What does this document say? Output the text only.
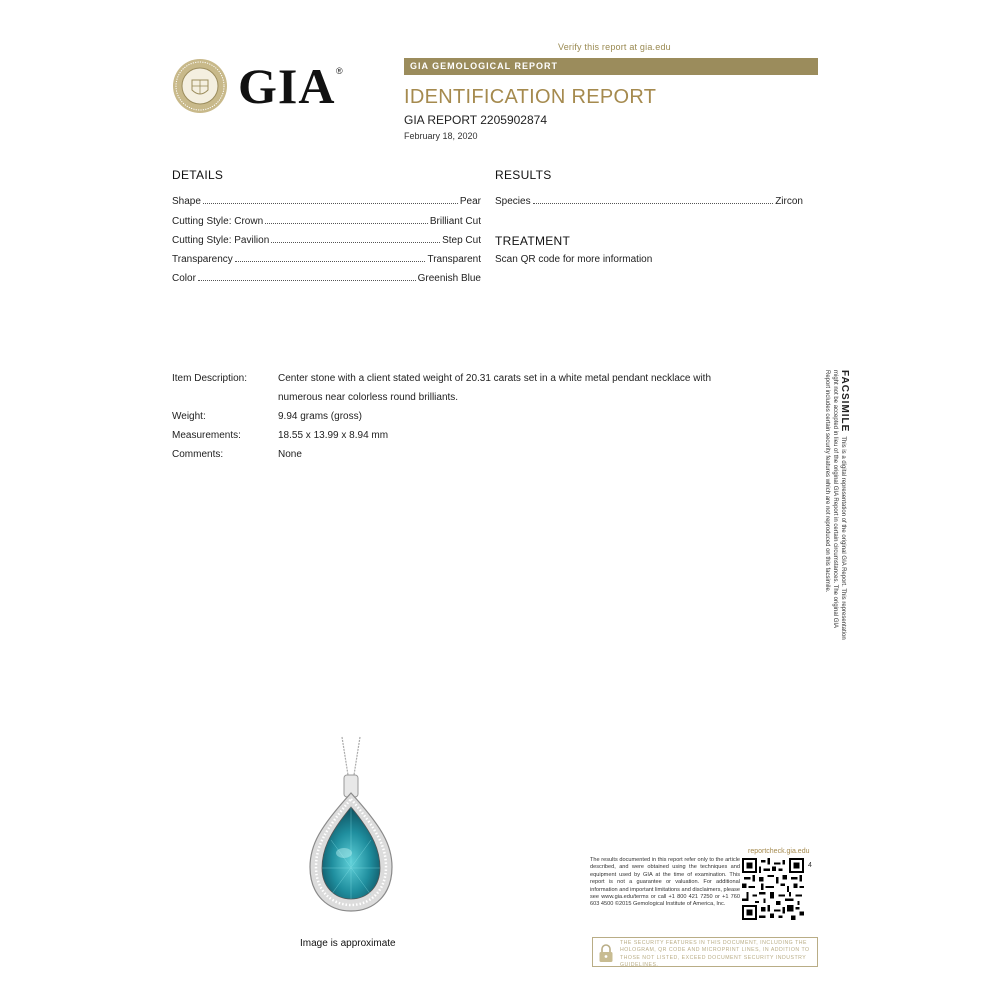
Verify this report at gia.edu
GIA ®	GIA GEMOLOGICAL REPORT
IDENTIFICATION REPORT
GIA REPORT 2205902874
February 18, 2020
DETAILS
Shape	Pear
Cutting Style: Crown	Brilliant Cut
Cutting Style: Pavilion	Step Cut
Transparency	Transparent
Color	Greenish Blue
RESULTS
Species	Zircon
TREATMENT
Scan QR code for more information
Item Description:	Center stone with a client stated weight of 20.31 carats set in a white metal pendant necklace with
numerous near colorless round brilliants.
Weight:	9.94 grams (gross)
Measurements:	18.55 x 13.99 x 8.94 mm
Comments:	None
FACSIMILEThis is a digital representation of the original GIA Report. This representation might not be accepted in lieu of the original GIA Report in certain circumstances. The original GIA Report includes certain security features which are not reproduced on this facsimile.
Image is approximate
The results documented in this report refer only to the article described, and were obtained using the techniques and equipment used by GIA at the time of examination. This report is not a guarantee or valuation. For additional information and important limitations and disclaimers, please see www.gia.edu/terms or call +1 800 421 7250 or +1 760 603 4500 ©2015 Gemological Institute of America, Inc.
reportcheck.gia.edu
4
THE SECURITY FEATURES IN THIS DOCUMENT, INCLUDING THE HOLOGRAM, QR CODE AND MICROPRINT LINES, IN ADDITION TO THOSE NOT LISTED, EXCEED DOCUMENT SECURITY INDUSTRY GUIDELINES.
